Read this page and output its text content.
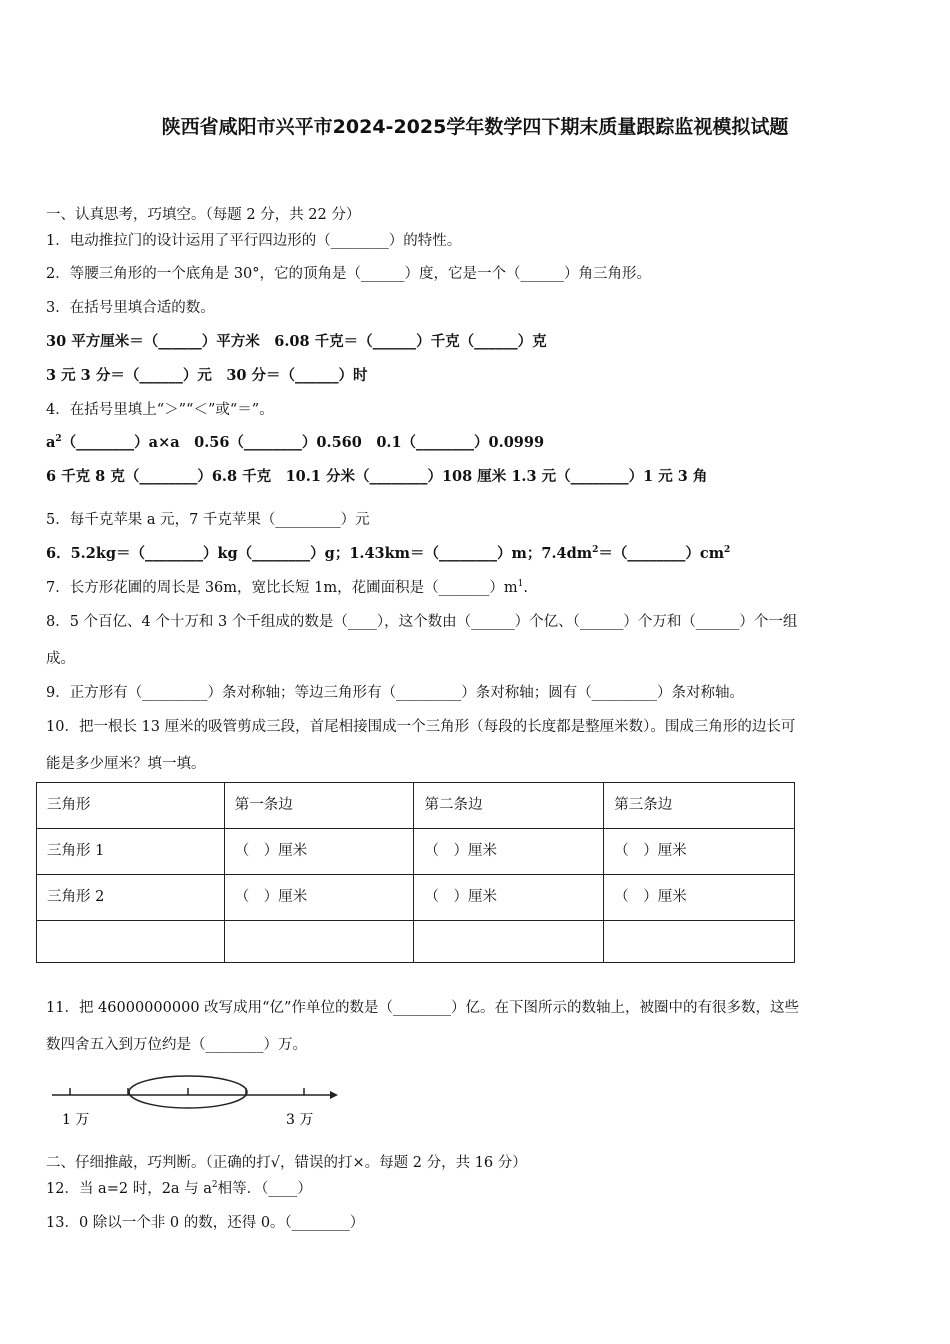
陕西省咸阳市兴平市2024-2025学年数学四下期末质量跟踪监视模拟试题
一、认真思考，巧填空。（每题 2 分，共 22 分）
1．电动推拉门的设计运用了平行四边形的（________）的特性。
2．等腰三角形的一个底角是 30°，它的顶角是（______）度，它是一个（______）角三角形。
3．在括号里填合适的数。
30 平方厘米＝（______）平方米　6.08 千克＝（______）千克（______）克
3 元 3 分＝（______）元　30 分＝（______）时
4．在括号里填上“＞”“＜”或“＝”。
$a^2(\_\_\_\_\_\_\_\_)a\times a$　0.56（________）0.560　0.1（________）0.0999
6 千克 8 克（________）6.8 千克　10.1 分米（________）108 厘米 1.3 元（________）1 元 3 角
5．每千克苹果 a 元，7 千克苹果（_________）元
6．5.2kg＝（________）kg（________）g；1.43km＝（________）m；$7.4dm^2=(\_\_\_\_\_\_\_\_)cm^2$
7．长方形花圃的周长是 36m，宽比长短 1m，花圃面积是$(\_\_\_\_\_\_\_)m^1$.
8．5 个百亿、4 个十万和 3 个千组成的数是（____），这个数由（______）个亿、（______）个万和（______）个一组
成。
9．正方形有（_________）条对称轴；等边三角形有（_________）条对称轴；圆有（_________）条对称轴。
10．把一根长 13 厘米的吸管剪成三段，首尾相接围成一个三角形（每段的长度都是整厘米数）。围成三角形的边长可
能是多少厘米？填一填。
三角形	第一条边	第二条边	第三条边
三角形 1	（　）厘米	（　）厘米	（　）厘米
三角形 2	（　）厘米	（　）厘米	（　）厘米

11．把 46000000000 改写成用“亿”作单位的数是（________）亿。在下图所示的数轴上，被圈中的有很多数，这些
数四舍五入到万位约是（________）万。
1 万	3 万
二、仔细推敲，巧判断。（正确的打√，错误的打×。每题 2 分，共 16 分）
12．当 a=2 时，2a 与 $a^2$相等．（____）
13．0 除以一个非 0 的数，还得 0。（________）
